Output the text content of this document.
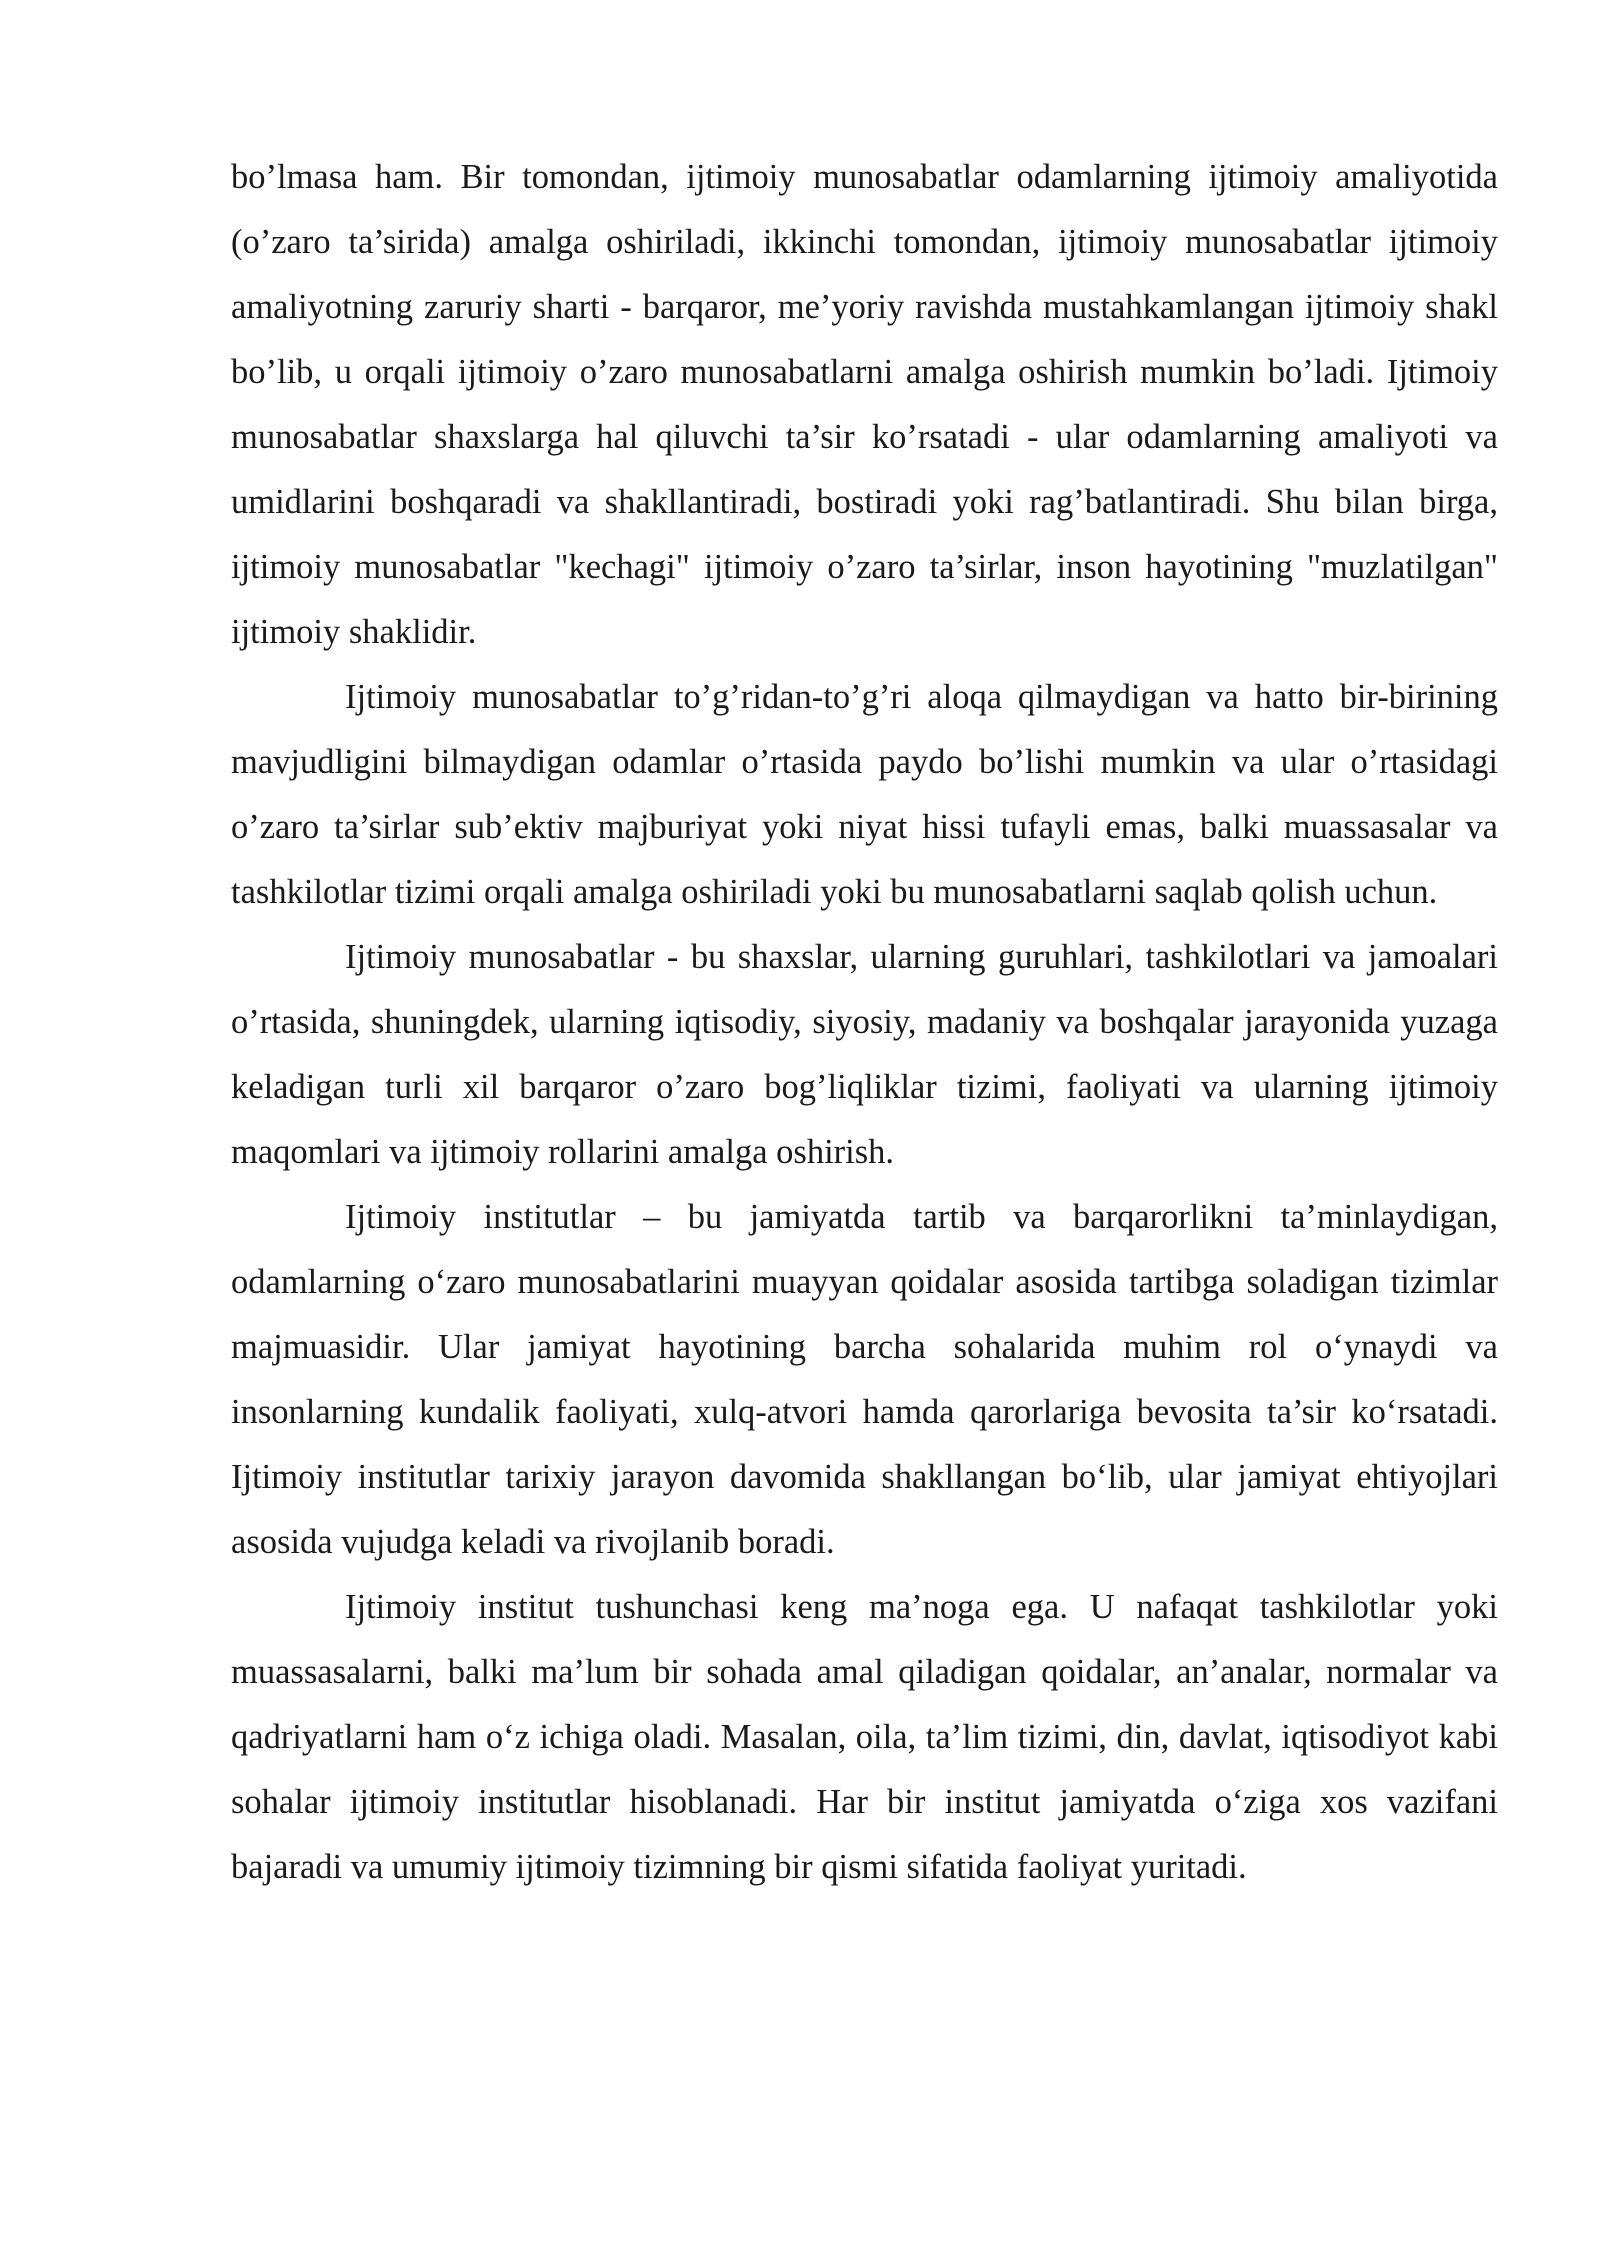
bo’lmasa ham. Bir tomondan, ijtimoiy munosabatlar odamlarning ijtimoiy amaliyotida (o’zaro ta’sirida) amalga oshiriladi, ikkinchi tomondan, ijtimoiy munosabatlar ijtimoiy amaliyotning zaruriy sharti - barqaror, me’yoriy ravishda mustahkamlangan ijtimoiy shakl bo’lib, u orqali ijtimoiy o’zaro munosabatlarni amalga oshirish mumkin bo’ladi. Ijtimoiy munosabatlar shaxslarga hal qiluvchi ta’sir ko’rsatadi - ular odamlarning amaliyoti va umidlarini boshqaradi va shakllantiradi, bostiradi yoki rag’batlantiradi. Shu bilan birga, ijtimoiy munosabatlar "kechagi" ijtimoiy o’zaro ta’sirlar, inson hayotining "muzlatilgan" ijtimoiy shaklidir.

Ijtimoiy munosabatlar to’g’ridan-to’g’ri aloqa qilmaydigan va hatto bir-birining mavjudligini bilmaydigan odamlar o’rtasida paydo bo’lishi mumkin va ular o’rtasidagi o’zaro ta’sirlar sub’ektiv majburiyat yoki niyat hissi tufayli emas, balki muassasalar va tashkilotlar tizimi orqali amalga oshiriladi yoki bu munosabatlarni saqlab qolish uchun.

Ijtimoiy munosabatlar - bu shaxslar, ularning guruhlari, tashkilotlari va jamoalari o’rtasida, shuningdek, ularning iqtisodiy, siyosiy, madaniy va boshqalar jarayonida yuzaga keladigan turli xil barqaror o’zaro bog’liqliklar tizimi, faoliyati va ularning ijtimoiy maqomlari va ijtimoiy rollarini amalga oshirish.

Ijtimoiy institutlar – bu jamiyatda tartib va barqarorlikni ta’minlaydigan, odamlarning o‘zaro munosabatlarini muayyan qoidalar asosida tartibga soladigan tizimlar majmuasidir. Ular jamiyat hayotining barcha sohalarida muhim rol o‘ynaydi va insonlarning kundalik faoliyati, xulq-atvori hamda qarorlariga bevosita ta’sir ko‘rsatadi. Ijtimoiy institutlar tarixiy jarayon davomida shakllangan bo‘lib, ular jamiyat ehtiyojlari asosida vujudga keladi va rivojlanib boradi.

Ijtimoiy institut tushunchasi keng ma’noga ega. U nafaqat tashkilotlar yoki muassasalarni, balki ma’lum bir sohada amal qiladigan qoidalar, an’analar, normalar va qadriyatlarni ham o‘z ichiga oladi. Masalan, oila, ta’lim tizimi, din, davlat, iqtisodiyot kabi sohalar ijtimoiy institutlar hisoblanadi. Har bir institut jamiyatda o‘ziga xos vazifani bajaradi va umumiy ijtimoiy tizimning bir qismi sifatida faoliyat yuritadi.
